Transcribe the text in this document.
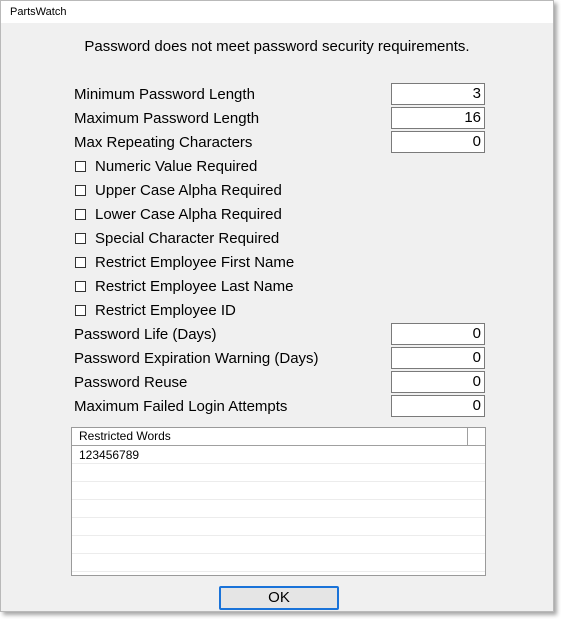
PartsWatch
Password does not meet password security requirements.
Minimum Password Length	3
Maximum Password Length	16
Max Repeating Characters	0
Numeric Value Required
Upper Case Alpha Required
Lower Case Alpha Required
Special Character Required
Restrict Employee First Name
Restrict Employee Last Name
Restrict Employee ID
Password Life (Days)	0
Password Expiration Warning (Days)	0
Password Reuse	0
Maximum Failed Login Attempts	0
Restricted Words
123456789
OK
